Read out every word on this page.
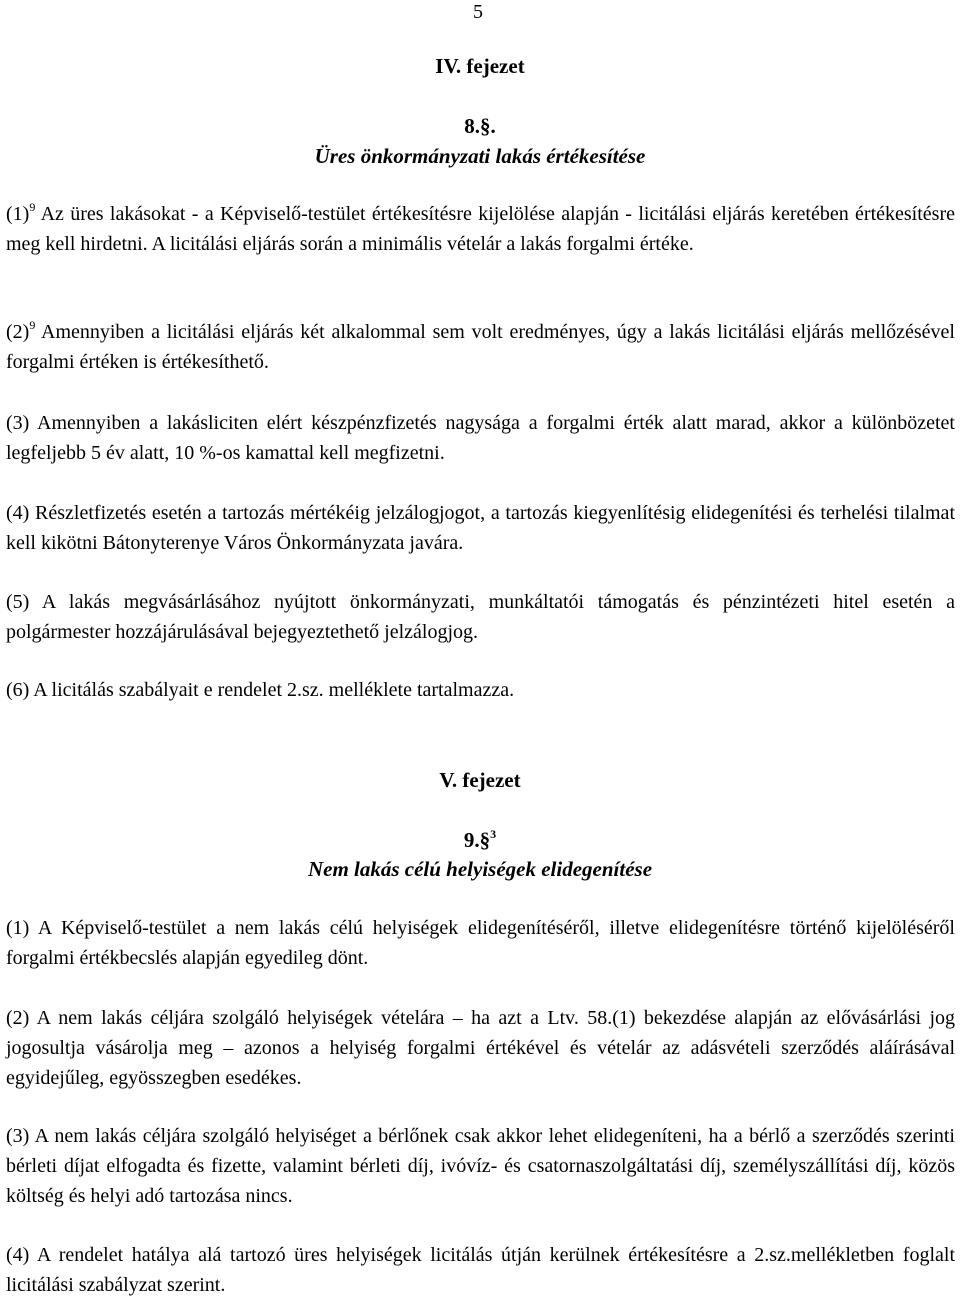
5
IV. fejezet
8.§.
Üres önkormányzati lakás értékesítése
$(1)^9$ Az üres lakásokat - a Képviselő-testület értékesítésre kijelölése alapján - licitálási eljárás keretében értékesítésre meg kell hirdetni. A licitálási eljárás során a minimális vételár a lakás forgalmi értéke.
$(2)^9$ Amennyiben a licitálási eljárás két alkalommal sem volt eredményes, úgy a lakás licitálási eljárás mellőzésével forgalmi értéken is értékesíthető.
(3) Amennyiben a lakásliciten elért készpénzfizetés nagysága a forgalmi érték alatt marad, akkor a különbözetet legfeljebb 5 év alatt, 10 %-os kamattal kell megfizetni.
(4) Részletfizetés esetén a tartozás mértékéig jelzálogjogot, a tartozás kiegyenlítésig elidegenítési és terhelési tilalmat kell kikötni Bátonyterenye Város Önkormányzata javára.
(5) A lakás megvásárlásához nyújtott önkormányzati, munkáltatói támogatás és pénzintézeti hitel esetén a polgármester hozzájárulásával bejegyeztethető jelzálogjog.
(6) A licitálás szabályait e rendelet 2.sz. melléklete tartalmazza.
V. fejezet
9.§$^3$
Nem lakás célú helyiségek elidegenítése
(1) A Képviselő-testület a nem lakás célú helyiségek elidegenítéséről, illetve elidegenítésre történő kijelöléséről forgalmi értékbecslés alapján egyedileg dönt.
(2) A nem lakás céljára szolgáló helyiségek vételára – ha azt a Ltv. 58.(1) bekezdése alapján az elővásárlási jog jogosultja vásárolja meg – azonos a helyiség forgalmi értékével és vételár az adásvételi szerződés aláírásával egyidejűleg, egyösszegben esedékes.
(3) A nem lakás céljára szolgáló helyiséget a bérlőnek csak akkor lehet elidegeníteni, ha a bérlő a szerződés szerinti bérleti díjat elfogadta és fizette, valamint bérleti díj, ivóvíz- és csatornaszolgáltatási díj, személyszállítási díj, közös költség és helyi adó tartozása nincs.
(4) A rendelet hatálya alá tartozó üres helyiségek licitálás útján kerülnek értékesítésre a 2.sz.mellékletben foglalt licitálási szabályzat szerint.
